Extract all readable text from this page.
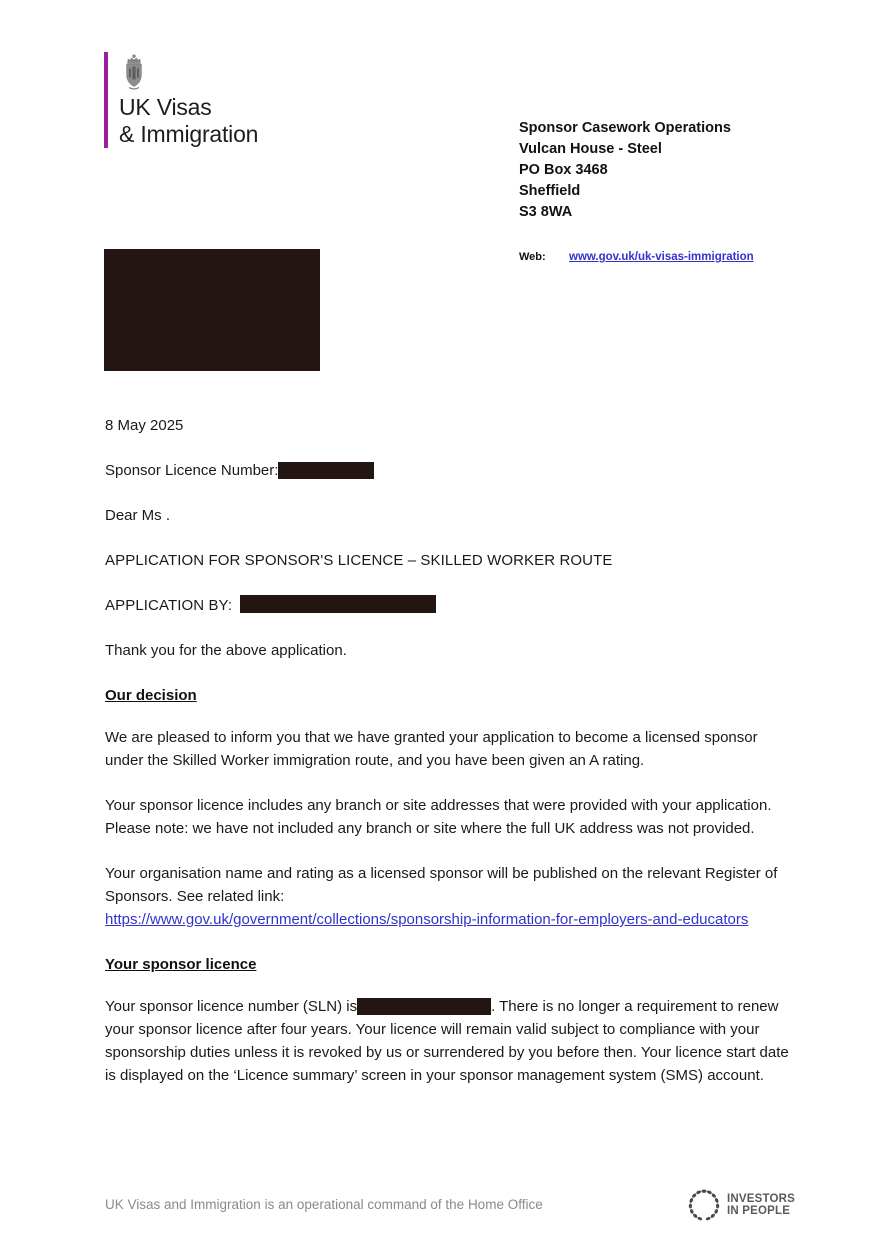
UK Visas
& Immigration	Sponsor Casework Operations
Vulcan House - Steel
PO Box 3468
Sheffield
S3 8WA
Web:	www.gov.uk/uk-visas-immigration

8 May 2025

Sponsor Licence Number:

Dear Ms .

APPLICATION FOR SPONSOR'S LICENCE – SKILLED WORKER ROUTE

APPLICATION BY:

Thank you for the above application.

Our decision

We are pleased to inform you that we have granted your application to become a licensed sponsor under the Skilled Worker immigration route, and you have been given an A rating.

Your sponsor licence includes any branch or site addresses that were provided with your application. Please note: we have not included any branch or site where the full UK address was not provided.

Your organisation name and rating as a licensed sponsor will be published on the relevant Register of Sponsors. See related link:
https://www.gov.uk/government/collections/sponsorship-information-for-employers-and-educators

Your sponsor licence

Your sponsor licence number (SLN) is	. There is no longer a requirement to renew your sponsor licence after four years. Your licence will remain valid subject to compliance with your sponsorship duties unless it is revoked by us or surrendered by you before then. Your licence start date is displayed on the ‘Licence summary’ screen in your sponsor management system (SMS) account.

UK Visas and Immigration is an operational command of the Home Office	INVESTORS
IN PEOPLE
